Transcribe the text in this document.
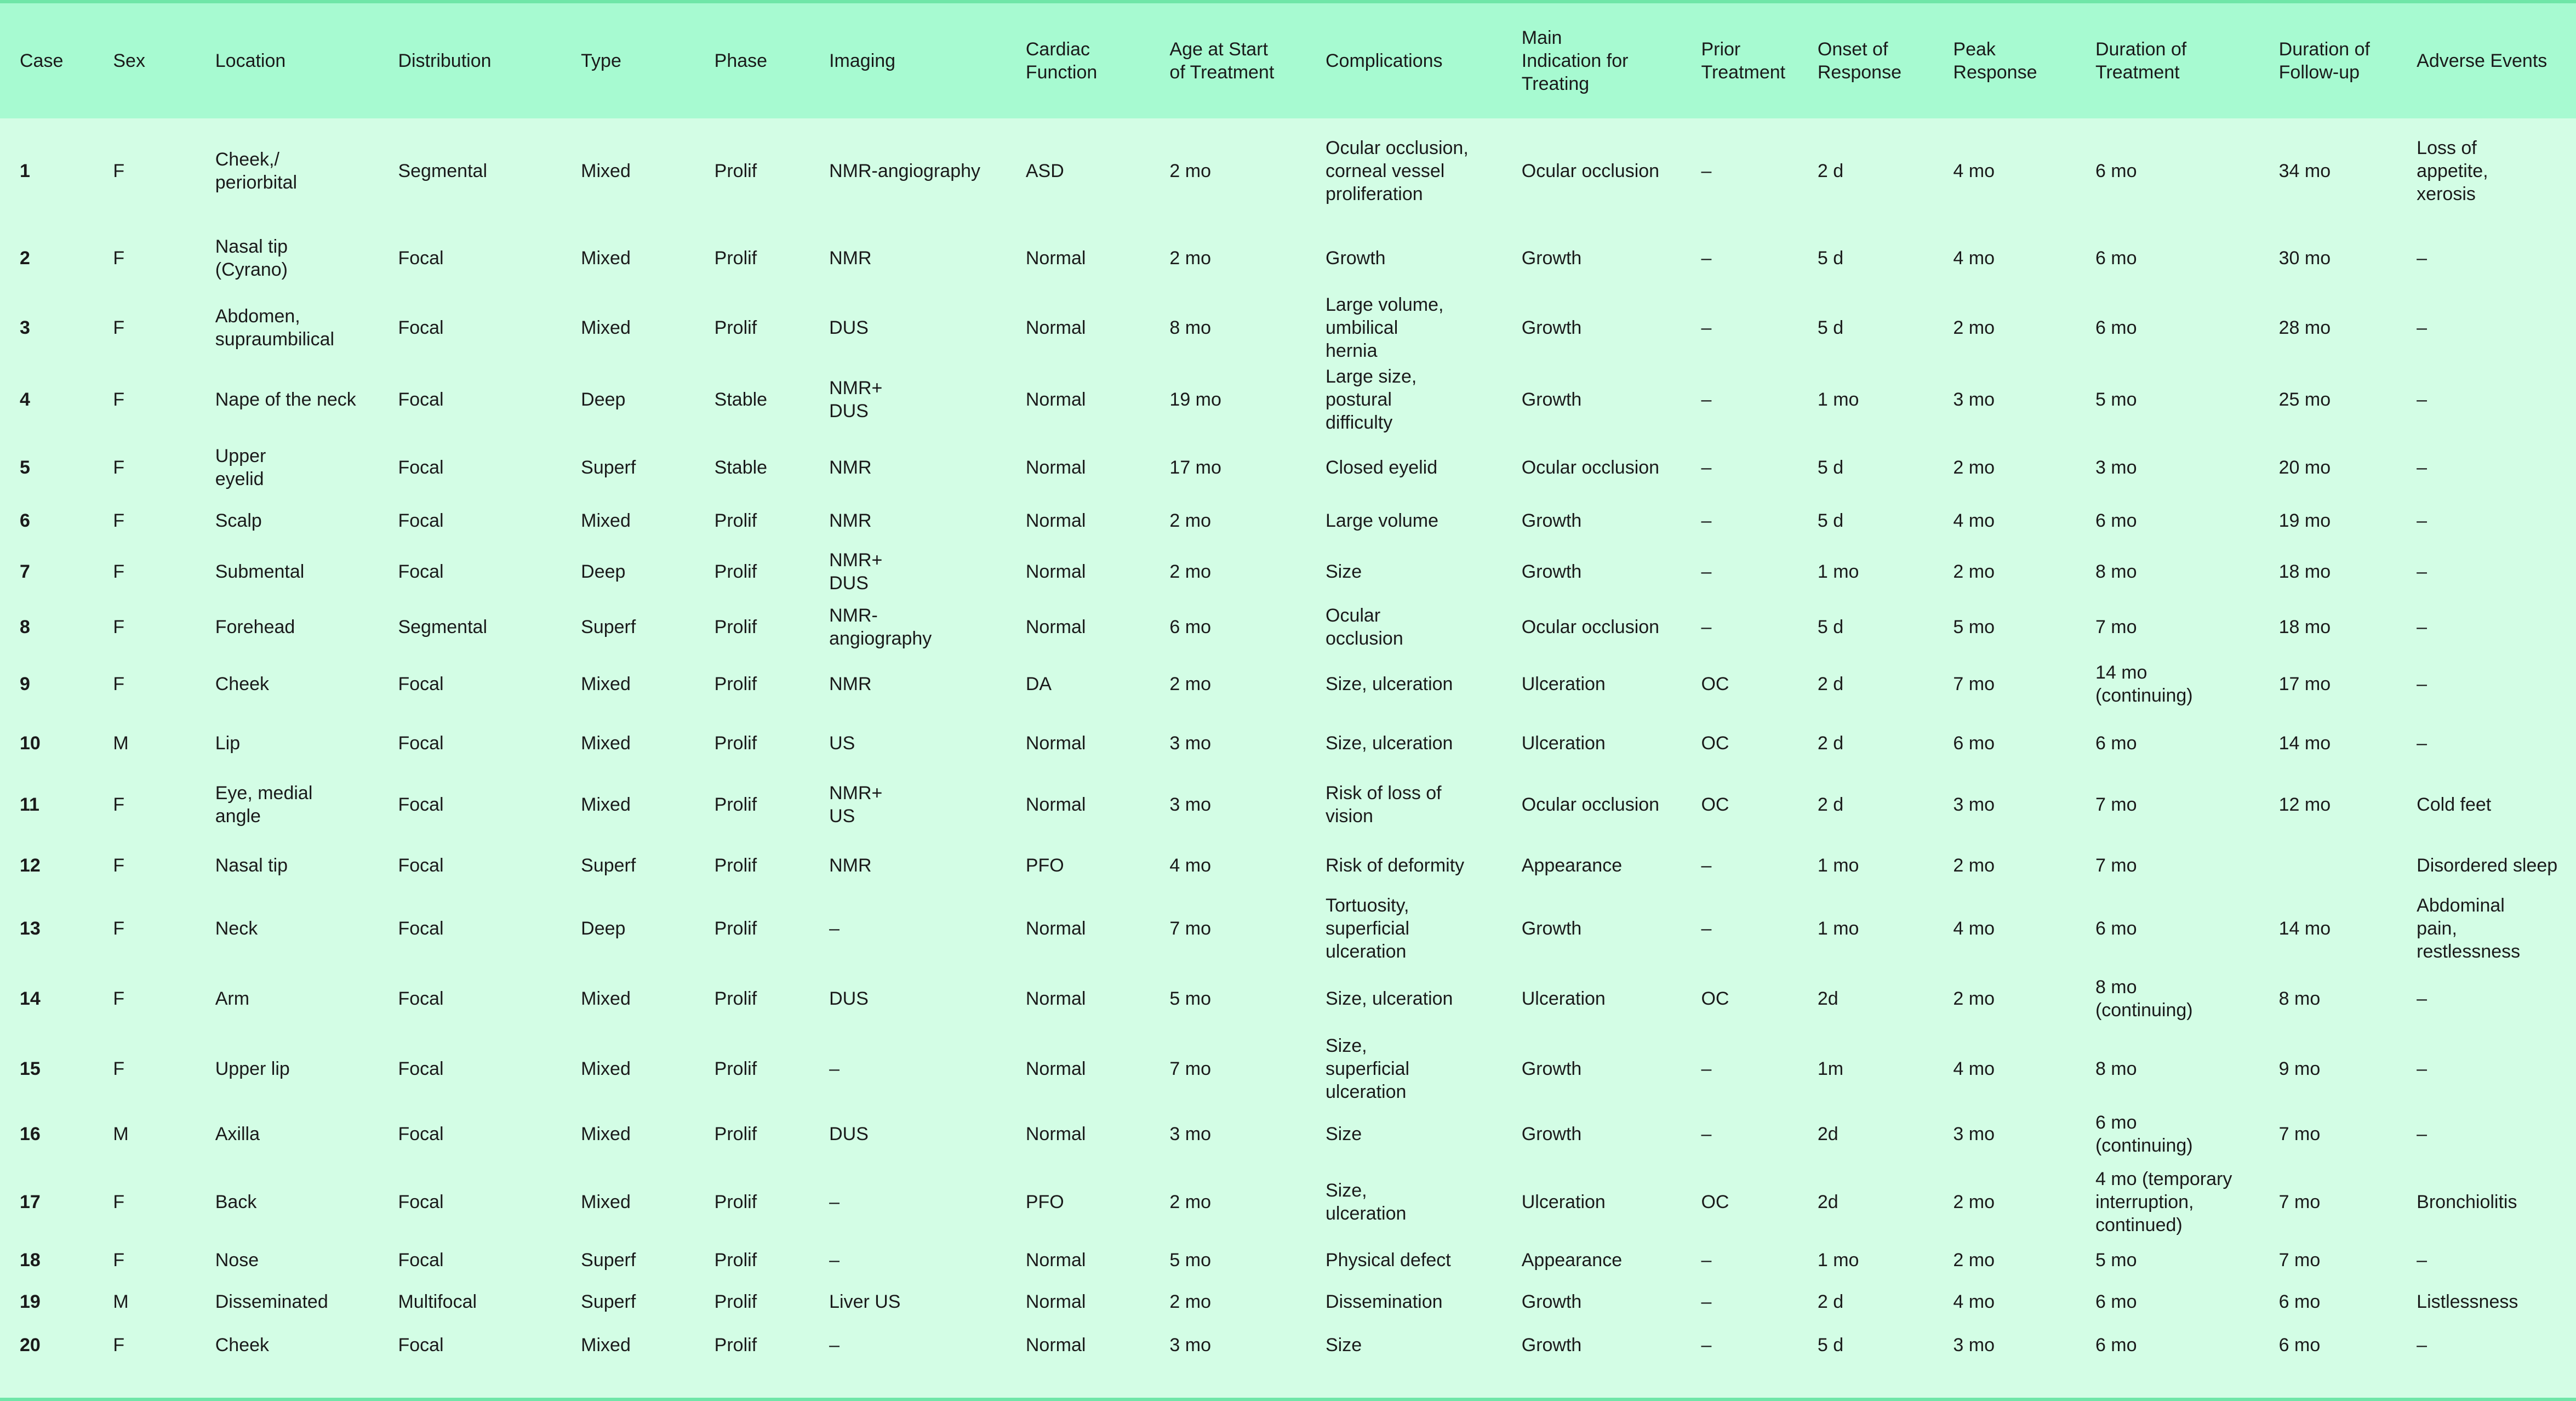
Case	Sex	Location	Distribution	Type	Phase	Imaging	Cardiac
Function	Age at Start
of Treatment	Complications	Main
Indication for
Treating	Prior
Treatment	Onset of
Response	Peak
Response	Duration of
Treatment	Duration of
Follow-up	Adverse Events
1	F	Cheek,/
periorbital	Segmental	Mixed	Prolif	NMR-angiography	ASD	2 mo	Ocular occlusion,
corneal vessel
proliferation	Ocular occlusion	–	2 d	4 mo	6 mo	34 mo	Loss of
appetite,
xerosis
2	F	Nasal tip
(Cyrano)	Focal	Mixed	Prolif	NMR	Normal	2 mo	Growth	Growth	–	5 d	4 mo	6 mo	30 mo	–
3	F	Abdomen,
supraumbilical	Focal	Mixed	Prolif	DUS	Normal	8 mo	Large volume,
umbilical
hernia	Growth	–	5 d	2 mo	6 mo	28 mo	–
4	F	Nape of the neck	Focal	Deep	Stable	NMR+
DUS	Normal	19 mo	Large size,
postural
difficulty	Growth	–	1 mo	3 mo	5 mo	25 mo	–
5	F	Upper
eyelid	Focal	Superf	Stable	NMR	Normal	17 mo	Closed eyelid	Ocular occlusion	–	5 d	2 mo	3 mo	20 mo	–
6	F	Scalp	Focal	Mixed	Prolif	NMR	Normal	2 mo	Large volume	Growth	–	5 d	4 mo	6 mo	19 mo	–
7	F	Submental	Focal	Deep	Prolif	NMR+
DUS	Normal	2 mo	Size	Growth	–	1 mo	2 mo	8 mo	18 mo	–
8	F	Forehead	Segmental	Superf	Prolif	NMR-
angiography	Normal	6 mo	Ocular
occlusion	Ocular occlusion	–	5 d	5 mo	7 mo	18 mo	–
9	F	Cheek	Focal	Mixed	Prolif	NMR	DA	2 mo	Size, ulceration	Ulceration	OC	2 d	7 mo	14 mo
(continuing)	17 mo	–
10	M	Lip	Focal	Mixed	Prolif	US	Normal	3 mo	Size, ulceration	Ulceration	OC	2 d	6 mo	6 mo	14 mo	–
11	F	Eye, medial
angle	Focal	Mixed	Prolif	NMR+
US	Normal	3 mo	Risk of loss of
vision	Ocular occlusion	OC	2 d	3 mo	7 mo	12 mo	Cold feet
12	F	Nasal tip	Focal	Superf	Prolif	NMR	PFO	4 mo	Risk of deformity	Appearance	–	1 mo	2 mo	7 mo		Disordered sleep
13	F	Neck	Focal	Deep	Prolif	–	Normal	7 mo	Tortuosity,
superficial
ulceration	Growth	–	1 mo	4 mo	6 mo	14 mo	Abdominal
pain,
restlessness
14	F	Arm	Focal	Mixed	Prolif	DUS	Normal	5 mo	Size, ulceration	Ulceration	OC	2d	2 mo	8 mo
(continuing)	8 mo	–
15	F	Upper lip	Focal	Mixed	Prolif	–	Normal	7 mo	Size,
superficial
ulceration	Growth	–	1m	4 mo	8 mo	9 mo	–
16	M	Axilla	Focal	Mixed	Prolif	DUS	Normal	3 mo	Size	Growth	–	2d	3 mo	6 mo
(continuing)	7 mo	–
17	F	Back	Focal	Mixed	Prolif	–	PFO	2 mo	Size,
ulceration	Ulceration	OC	2d	2 mo	4 mo (temporary
interruption,
continued)	7 mo	Bronchiolitis
18	F	Nose	Focal	Superf	Prolif	–	Normal	5 mo	Physical defect	Appearance	–	1 mo	2 mo	5 mo	7 mo	–
19	M	Disseminated	Multifocal	Superf	Prolif	Liver US	Normal	2 mo	Dissemination	Growth	–	2 d	4 mo	6 mo	6 mo	Listlessness
20	F	Cheek	Focal	Mixed	Prolif	–	Normal	3 mo	Size	Growth	–	5 d	3 mo	6 mo	6 mo	–
